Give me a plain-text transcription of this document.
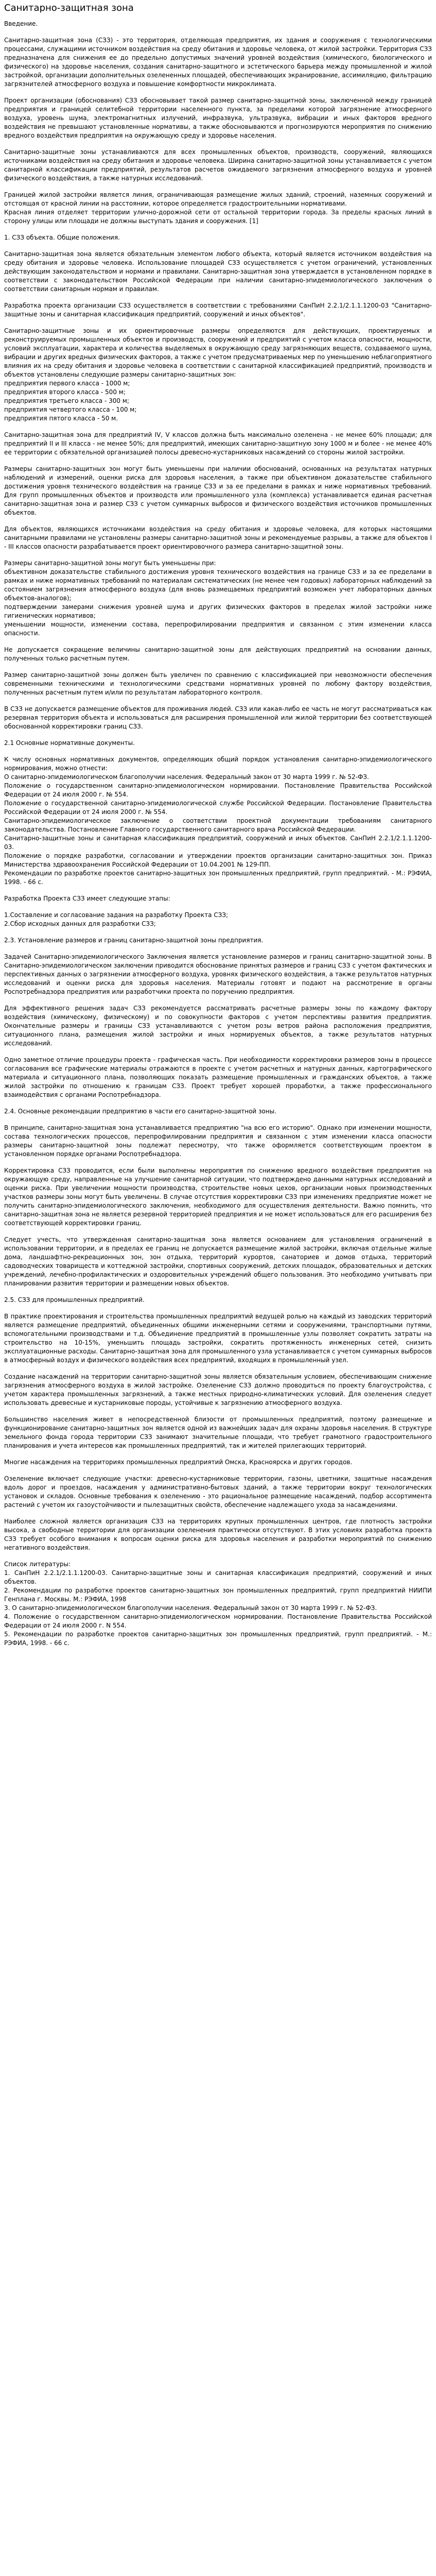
Санитарно-защитная зона

Введение.

Санитарно-защитная зона (СЗЗ) - это территория, отделяющая предприятия, их здания и сооружения с технологическими процессами, служащими источником воздействия на среду обитания и здоровье человека, от жилой застройки. Территория СЗЗ предназначена для снижения ее до предельно допустимых значений уровней воздействия (химического, биологического и физического) на здоровье населения, создания санитарно-защитного и эстетического барьера между промышленной и жилой застройкой, организации дополнительных озелененных площадей, обеспечивающих экранирование, ассимиляцию, фильтрацию загрязнителей атмосферного воздуха и повышение комфортности микроклимата.

Проект организации (обоснования) СЗЗ обосновывает такой размер санитарно-защитной зоны, заключенной между границей предприятия и границей селитебной территории населенного пункта, за пределами которой загрязнение атмосферного воздуха, уровень шума, электромагнитных излучений, инфразвука, ультразвука, вибрации и иных факторов вредного воздействия не превышают установленные нормативы, а также обосновываются и прогнозируются мероприятия по снижению вредного воздействия предприятия на окружающую среду и здоровье населения.

Санитарно-защитные зоны устанавливаются для всех промышленных объектов, производств, сооружений, являющихся источниками воздействия на среду обитания и здоровье человека. Ширина санитарно-защитной зоны устанавливается с учетом санитарной классификации предприятий, результатов расчетов ожидаемого загрязнения атмосферного воздуха и уровней физического воздействия, а также натурных исследований.

Границей жилой застройки является линия, ограничивающая размещение жилых зданий, строений, наземных сооружений и отстоящая от красной линии на расстоянии, которое определяется градостроительными нормативами.

Красная линия отделяет территории улично-дорожной сети от остальной территории города. За пределы красных линий в сторону улицы или площади не должны выступать здания и сооружения. [1]

1. СЗЗ объекта. Общие положения.

Санитарно-защитная зона является обязательным элементом любого объекта, который является источником воздействия на среду обитания и здоровье человека. Использование площадей СЗЗ осуществляется с учетом ограничений, установленных действующим законодательством и нормами и правилами. Санитарно-защитная зона утверждается в установленном порядке в соответствии с законодательством Российской Федерации при наличии санитарно-эпидемиологического заключения о соответствии санитарным нормам и правилам.

Разработка проекта организации СЗЗ осуществляется в соответствии с требованиями СанПиН 2.2.1/2.1.1.1200-03 "Санитарно-защитные зоны и санитарная классификация предприятий, сооружений и иных объектов".

Санитарно-защитные зоны и их ориентировочные размеры определяются для действующих, проектируемых и реконструируемых промышленных объектов и производств, сооружений и предприятий с учетом класса опасности, мощности, условий эксплуатации, характера и количества выделяемых в окружающую среду загрязняющих веществ, создаваемого шума, вибрации и других вредных физических факторов, а также с учетом предусматриваемых мер по уменьшению неблагоприятного влияния их на среду обитания и здоровье человека в соответствии с санитарной классификацией предприятий, производств и объектов установлены следующие размеры санитарно-защитных зон:

предприятия первого класса - 1000 м;

предприятия второго класса - 500 м;

предприятия третьего класса - 300 м;

предприятия четвертого класса - 100 м;

предприятия пятого класса - 50 м.

Санитарно-защитная зона для предприятий IV, V классов должна быть максимально озеленена - не менее 60% площади; для предприятий II и III класса - не менее 50%; для предприятий, имеющих санитарно-защитную зону 1000 м и более - не менее 40% ее территории с обязательной организацией полосы древесно-кустарниковых насаждений со стороны жилой застройки.

Размеры санитарно-защитных зон могут быть уменьшены при наличии обоснований, основанных на результатах натурных наблюдений и измерений, оценки риска для здоровья населения, а также при объективном доказательстве стабильного достижения уровня технического воздействия на границе СЗЗ и за ее пределами в рамках и ниже нормативных требований. Для групп промышленных объектов и производств или промышленного узла (комплекса) устанавливается единая расчетная санитарно-защитная зона и размер СЗЗ с учетом суммарных выбросов и физического воздействия источников промышленных объектов.

Для объектов, являющихся источниками воздействия на среду обитания и здоровье человека, для которых настоящими санитарными правилами не установлены размеры санитарно-защитной зоны и рекомендуемые разрывы, а также для объектов I - III классов опасности разрабатывается проект ориентировочного размера санитарно-защитной зоны.

Размеры санитарно-защитной зоны могут быть уменьшены при:

объективном доказательстве стабильного достижения уровня технического воздействия на границе СЗЗ и за ее пределами в рамках и ниже нормативных требований по материалам систематических (не менее чем годовых) лабораторных наблюдений за состоянием загрязнения атмосферного воздуха (для вновь размещаемых предприятий возможен учет лабораторных данных объектов-аналогов);

подтверждении замерами снижения уровней шума и других физических факторов в пределах жилой застройки ниже гигиенических нормативов;

уменьшении мощности, изменении состава, перепрофилировании предприятия и связанном с этим изменении класса опасности.

Не допускается сокращение величины санитарно-защитной зоны для действующих предприятий на основании данных, полученных только расчетным путем.

Размер санитарно-защитной зоны должен быть увеличен по сравнению с классификацией при невозможности обеспечения современными техническими и технологическими средствами нормативных уровней по любому фактору воздействия, полученных расчетным путем и/или по результатам лабораторного контроля.

В СЗЗ не допускается размещение объектов для проживания людей. СЗЗ или какая-либо ее часть не могут рассматриваться как резервная территория объекта и использоваться для расширения промышленной или жилой территории без соответствующей обоснованной корректировки границ СЗЗ.

2.1 Основные нормативные документы.

К числу основных нормативных документов, определяющих общий порядок установления санитарно-эпидемиологического нормирования, можно отнести:

О санитарно-эпидемиологическом благополучии населения. Федеральный закон от 30 марта 1999 г. № 52-ФЗ.

Положение о государственном санитарно-эпидемиологическом нормировании. Постановление Правительства Российской Федерации от 24 июля 2000 г. № 554.

Положение о государственной санитарно-эпидемиологической службе Российской Федерации. Постановление Правительства Российской Федерации от 24 июля 2000 г. № 554.

Санитарно-эпидемиологическое заключение о соответствии проектной документации требованиям санитарного законодательства. Постановление Главного государственного санитарного врача Российской Федерации.

Санитарно-защитные зоны и санитарная классификация предприятий, сооружений и иных объектов. СанПиН 2.2.1/2.1.1.1200-03.

Положение о порядке разработки, согласовании и утверждении проектов организации санитарно-защитных зон. Приказ Министерства здравоохранения Российской Федерации от 10.04.2001 № 129-ПП.

Рекомендации по разработке проектов санитарно-защитных зон промышленных предприятий, групп предприятий. - М.: РЭФИА, 1998. - 66 с.

Разработка Проекта СЗЗ имеет следующие этапы:

1.Составление и согласование задания на разработку Проекта СЗЗ;

2.Сбор исходных данных для разработки СЗЗ;

2.3. Установление размеров и границ санитарно-защитной зоны предприятия.

Задачей Санитарно-эпидемиологического Заключения является установление размеров и границ санитарно-защитной зоны. В Санитарно-эпидемиологическом заключении приводится обоснование принятых размеров и границ СЗЗ с учетом фактических и перспективных данных о загрязнении атмосферного воздуха, уровнях физического воздействия, а также результатов натурных исследований и оценки риска для здоровья населения. Материалы готовят и подают на рассмотрение в органы Роспотребнадзора предприятия или разработчики проекта по поручению предприятия.

Для эффективного решения задач СЗЗ рекомендуется рассматривать расчетные размеры зоны по каждому фактору воздействия (химическому, физическому) и по совокупности факторов с учетом перспективы развития предприятия. Окончательные размеры и границы СЗЗ устанавливаются с учетом розы ветров района расположения предприятия, ситуационного плана, размещения жилой застройки и иных нормируемых объектов, а также результатов натурных исследований.

Одно заметное отличие процедуры проекта - графическая часть. При необходимости корректировки размеров зоны в процессе согласования все графические материалы отражаются в проекте с учетом расчетных и натурных данных, картографического материала и ситуационного плана, позволяющих показать размещение промышленных и гражданских объектов, а также жилой застройки по отношению к границам СЗЗ. Проект требует хорошей проработки, а также профессионального взаимодействия с органами Роспотребнадзора.

2.4. Основные рекомендации предприятию в части его санитарно-защитной зоны.

В принципе, санитарно-защитная зона устанавливается предприятию "на всю его историю". Однако при изменении мощности, состава технологических процессов, перепрофилировании предприятия и связанном с этим изменении класса опасности размеры санитарно-защитной зоны подлежат пересмотру, что также оформляется соответствующим проектом в установленном порядке органами Роспотребнадзора.

Корректировка СЗЗ проводится, если были выполнены мероприятия по снижению вредного воздействия предприятия на окружающую среду, направленные на улучшение санитарной ситуации, что подтверждено данными натурных исследований и оценки риска. При увеличении мощности производства, строительстве новых цехов, организации новых производственных участков размеры зоны могут быть увеличены. В случае отсутствия корректировки СЗЗ при изменениях предприятие может не получить санитарно-эпидемиологического заключения, необходимого для осуществления деятельности. Важно помнить, что санитарно-защитная зона не является резервной территорией предприятия и не может использоваться для его расширения без соответствующей корректировки границ.

Следует учесть, что утвержденная санитарно-защитная зона является основанием для установления ограничений в использовании территории, и в пределах ее границ не допускается размещение жилой застройки, включая отдельные жилые дома, ландшафтно-рекреационных зон, зон отдыха, территорий курортов, санаториев и домов отдыха, территорий садоводческих товариществ и коттеджной застройки, спортивных сооружений, детских площадок, образовательных и детских учреждений, лечебно-профилактических и оздоровительных учреждений общего пользования. Это необходимо учитывать при планировании развития территории и размещении новых объектов.

2.5. СЗЗ для промышленных предприятий.

В практике проектирования и строительства промышленных предприятий ведущей ролью на каждый из заводских территорий является размещение предприятий, объединенных общими инженерными сетями и сооружениями, транспортными путями, вспомогательными производствами и т.д. Объединение предприятий в промышленные узлы позволяет сократить затраты на строительство на 10-15%, уменьшить площадь застройки, сократить протяженность инженерных сетей, снизить эксплуатационные расходы. Санитарно-защитная зона для промышленного узла устанавливается с учетом суммарных выбросов в атмосферный воздух и физического воздействия всех предприятий, входящих в промышленный узел.

Создание насаждений на территории санитарно-защитной зоны является обязательным условием, обеспечивающим снижение загрязнения атмосферного воздуха в жилой застройке. Озеленение СЗЗ должно проводиться по проекту благоустройства, с учетом характера промышленных загрязнений, а также местных природно-климатических условий. Для озеленения следует использовать древесные и кустарниковые породы, устойчивые к загрязнению атмосферного воздуха.

Большинство населения живет в непосредственной близости от промышленных предприятий, поэтому размещение и функционирование санитарно-защитных зон является одной из важнейших задач для охраны здоровья населения. В структуре земельного фонда города территории СЗЗ занимают значительные площади, что требует грамотного градостроительного планирования и учета интересов как промышленных предприятий, так и жителей прилегающих территорий.

Многие насаждения на территориях промышленных предприятий Омска, Красноярска и других городов.

Озеленение включает следующие участки: древесно-кустарниковые территории, газоны, цветники, защитные насаждения вдоль дорог и проездов, насаждения у административно-бытовых зданий, а также территории вокруг технологических установок и складов. Основные требования к озеленению - это рациональное размещение насаждений, подбор ассортимента растений с учетом их газоустойчивости и пылезащитных свойств, обеспечение надлежащего ухода за насаждениями.

Наиболее сложной является организация СЗЗ на территориях крупных промышленных центров, где плотность застройки высока, а свободные территории для организации озеленения практически отсутствуют. В этих условиях разработка проекта СЗЗ требует особого внимания к вопросам оценки риска для здоровья населения и разработки мероприятий по снижению негативного воздействия.

Список литературы:

1. СанПиН 2.2.1/2.1.1.1200-03. Санитарно-защитные зоны и санитарная классификация предприятий, сооружений и иных объектов.

2. Рекомендации по разработке проектов санитарно-защитных зон промышленных предприятий, групп предприятий НИИПИ Генплана г. Москвы. М.: РЭФИА, 1998

3. О санитарно-эпидемиологическом благополучии населения. Федеральный закон от 30 марта 1999 г. № 52-ФЗ.

4. Положение о государственном санитарно-эпидемиологическом нормировании. Постановление Правительства Российской Федерации от 24 июля 2000 г. N 554.

5. Рекомендации по разработке проектов санитарно-защитных зон промышленных предприятий, групп предприятий. - М.: РЭФИА, 1998. - 66 с.
